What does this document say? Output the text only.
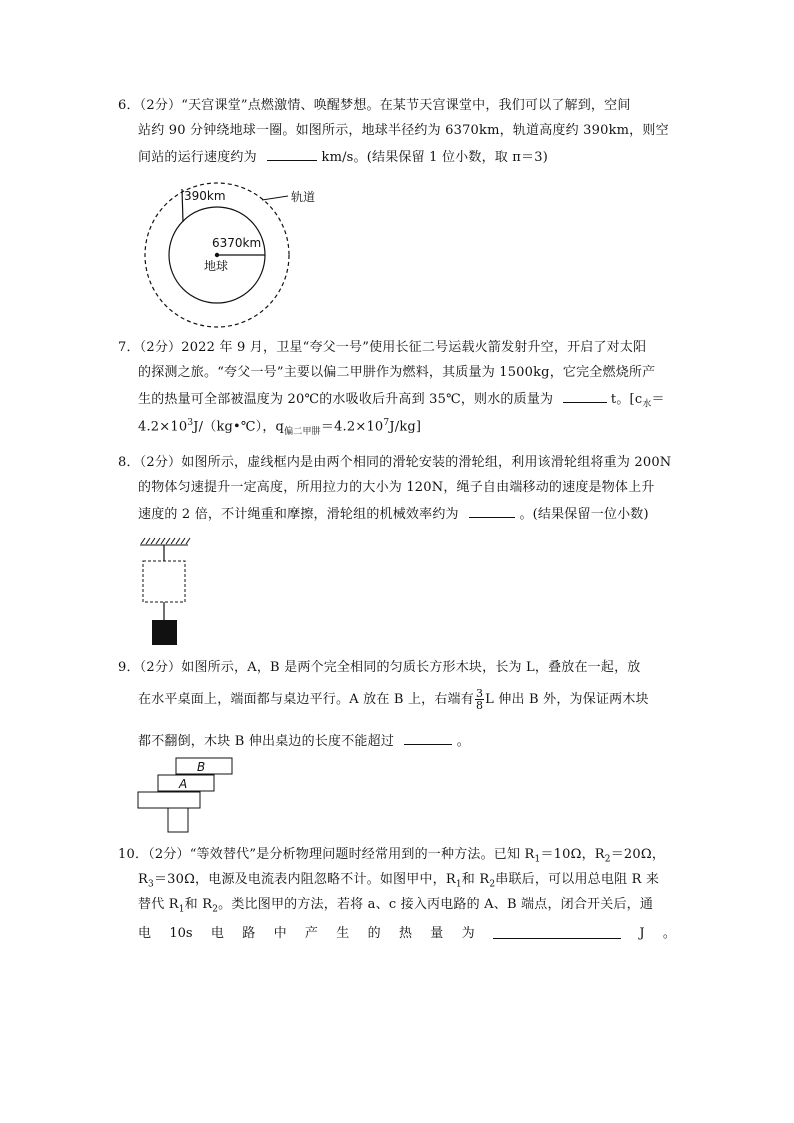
6．（2分）“天宫课堂”点燃激情、唤醒梦想。在某节天宫课堂中，我们可以了解到，空间
站约 90 分钟绕地球一圈。如图所示，地球半径约为 6370km，轨道高度约 390km，则空
间站的运行速度约为	km/s。(结果保留 1 位小数，取 π＝3)
390km	轨道
6370km
地球
7．（2分）2022 年 9 月，卫星“夸父一号”使用长征二号运载火箭发射升空，开启了对太阳
的探测之旅。“夸父一号”主要以偏二甲肼作为燃料，其质量为 1500kg，它完全燃烧所产
生的热量可全部被温度为 20℃的水吸收后升高到 35℃，则水的质量为	t。[$c_水=$
$4.2\times 10^3J/(kg•℃)$，$q_{偏二甲肼}=4.2\times 10^7J/kg$]
8．（2分）如图所示，虚线框内是由两个相同的滑轮安装的滑轮组，利用该滑轮组将重为 200N
的物体匀速提升一定高度，所用拉力的大小为 120N，绳子自由端移动的速度是物体上升
速度的 2 倍，不计绳重和摩擦，滑轮组的机械效率约为	。(结果保留一位小数)
9．（2分）如图所示，A，B 是两个完全相同的匀质长方形木块，长为 L，叠放在一起，放
在水平桌面上，端面都与桌边平行。A 放在 B 上，右端有 $\frac{3}{8}$ L 伸出 B 外，为保证两木块
都不翻倒，木块 B 伸出桌边的长度不能超过	。
B
A
10．（2分）“等效替代”是分析物理问题时经常用到的一种方法。已知 $R_1=10\Omega$，$R_2=20\Omega$，
$R_3=30\Omega$，电源及电流表内阻忽略不计。如图甲中，$R_1$和 $R_2$串联后，可以用总电阻 R 来
替代 $R_1$和 $R_2$。类比图甲的方法，若将 a、c 接入丙电路的 A、B 端点，闭合开关后，通
电 10s 电 路 中 产 生 的 热 量 为	J 。
